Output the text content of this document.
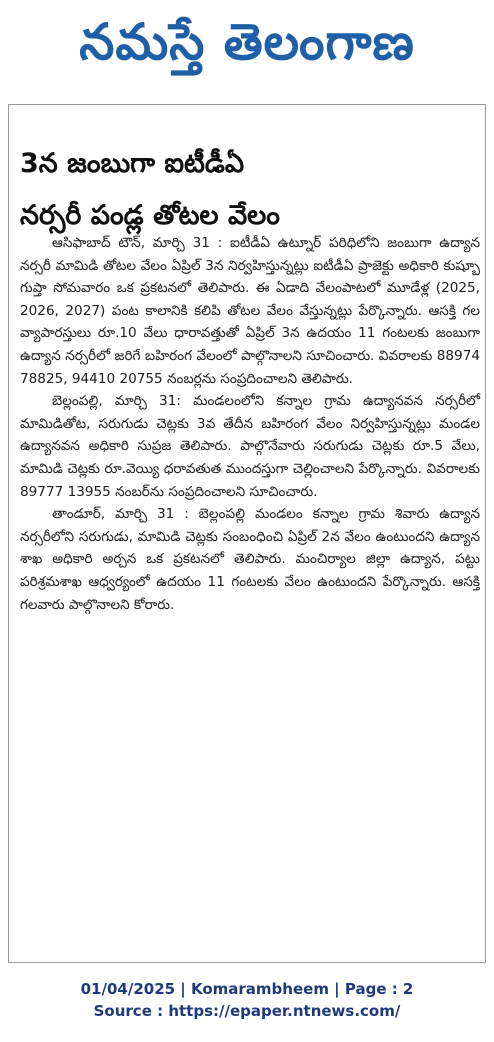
నమస్తే తెలంగాణ
3న జంబుగా ఐటీడీఏ
నర్సరీ పండ్ల తోటల వేలం

ఆసిఫాబాద్ టౌన్, మార్చి 31 : ఐటీడీఏ ఉట్నూర్ పరిధిలోని జంబుగా ఉద్యాన నర్సరీ మామిడి తోటల వేలం ఏప్రిల్ 3న నిర్వహిస్తున్నట్లు ఐటీడీఏ ప్రాజెక్టు అధికారి కుష్బూ గుప్తా సోమవారం ఒక ప్రకటనలో తెలిపారు. ఈ ఏడాది వేలంపాటలో మూడేళ్ల (2025, 2026, 2027) పంట కాలానికి కలిపి తోటల వేలం వేస్తున్నట్లు పేర్కొన్నారు. ఆసక్తి గల వ్యాపారస్తులు రూ.10 వేలు ధారావత్తుతో ఏప్రిల్ 3న ఉదయం 11 గంటలకు జంబుగా ఉద్యాన నర్సరీలో జరిగే బహిరంగ వేలంలో పాల్గొనాలని సూచించారు. వివరాలకు 88974 78825, 94410 20755 నంబర్లను సంప్రదించాలని తెలిపారు.

బెల్లంపల్లి, మార్చి 31: మండలంలోని కన్నాల గ్రామ ఉద్యానవన నర్సరీలో మామిడితోట, సరుగుడు చెట్లకు 3వ తేదీన బహిరంగ వేలం నిర్వహిస్తున్నట్లు మండల ఉద్యానవన అధికారి సుప్రజ తెలిపారు. పాల్గొనేవారు సరుగుడు చెట్లకు రూ.5 వేలు, మామిడి చెట్లకు రూ.వెయ్యి ధరావతుత ముందస్తుగా చెల్లించాలని పేర్కొన్నారు. వివరాలకు 89777 13955 నంబర్‌ను సంప్రదించాలని సూచించారు.

తాండూర్, మార్చి 31 : బెల్లంపల్లి మండలం కన్నాల గ్రామ శివారు ఉద్యాన నర్సరీలోని సరుగుడు, మామిడి చెట్లకు సంబంధించి ఏప్రిల్ 2న వేలం ఉంటుందని ఉద్యాన శాఖ అధికారి అర్చన ఒక ప్రకటనలో తెలిపారు. మంచిర్యాల జిల్లా ఉద్యాన, పట్టు పరిశ్రమశాఖ ఆధ్వర్యంలో ఉదయం 11 గంటలకు వేలం ఉంటుందని పేర్కొన్నారు. ఆసక్తి గలవారు పాల్గొనాలని కోరారు.

01/04/2025 | Komarambheem | Page : 2
Source : https://epaper.ntnews.com/
